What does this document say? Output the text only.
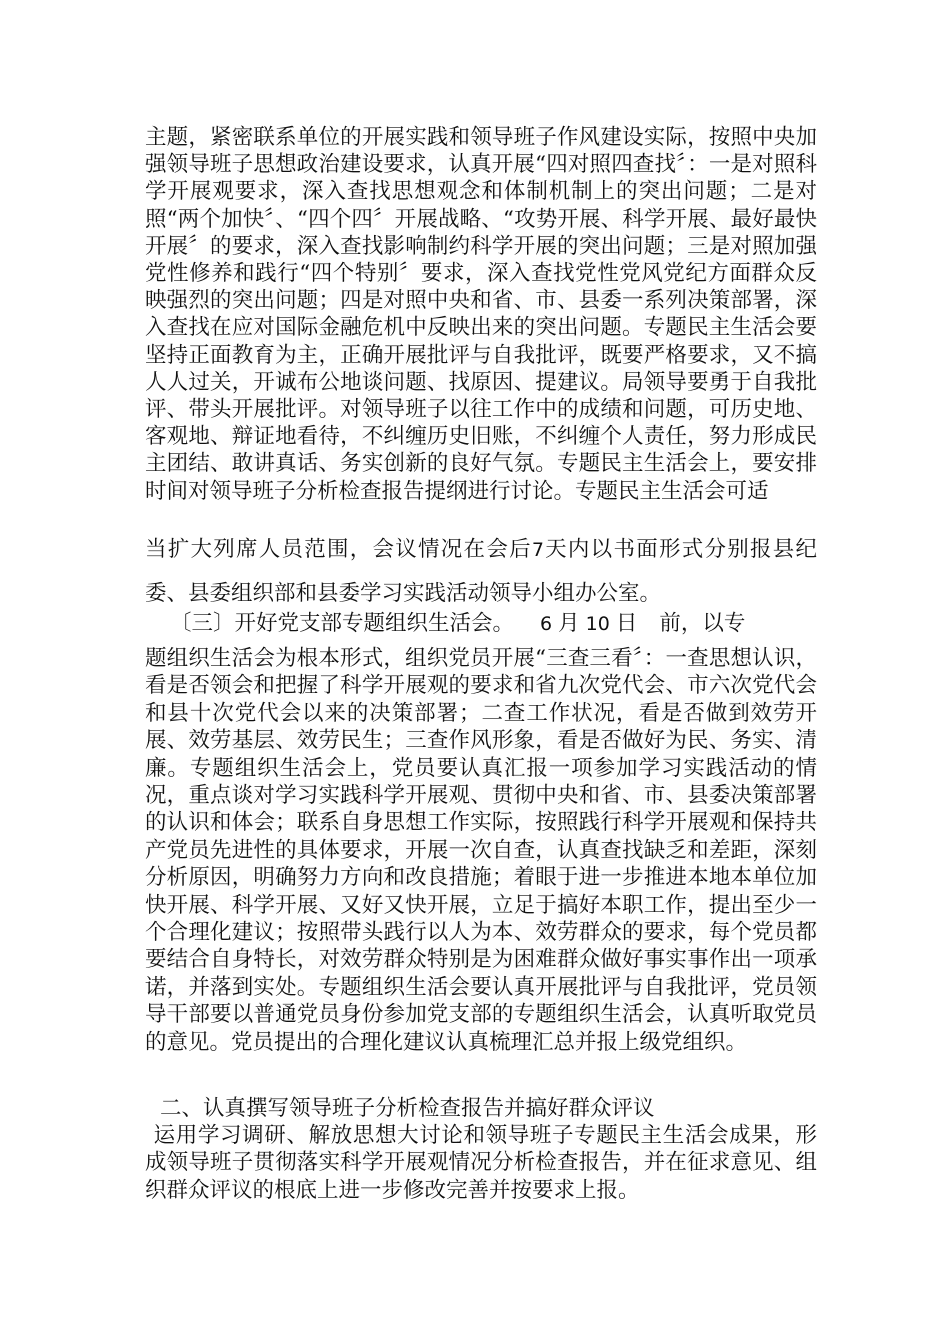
主题，紧密联系单位的开展实践和领导班子作风建设实际，按照中央加强领导班子思想政治建设要求，认真开展“四对照四查找〞：一是对照科学开展观要求，深入查找思想观念和体制机制上的突出问题；二是对照“两个加快〞、“四个四〞开展战略、“攻势开展、科学开展、最好最快开展〞的要求，深入查找影响制约科学开展的突出问题；三是对照加强党性修养和践行“四个特别〞要求，深入查找党性党风党纪方面群众反映强烈的突出问题；四是对照中央和省、市、县委一系列决策部署，深入查找在应对国际金融危机中反映出来的突出问题。专题民主生活会要坚持正面教育为主，正确开展批评与自我批评，既要严格要求，又不搞人人过关，开诚布公地谈问题、找原因、提建议。局领导要勇于自我批评、带头开展批评。对领导班子以往工作中的成绩和问题，可历史地、客观地、辩证地看待，不纠缠历史旧账，不纠缠个人责任，努力形成民主团结、敢讲真话、务实创新的良好气氛。专题民主生活会上，要安排时间对领导班子分析检查报告提纲进行讨论。专题民主生活会可适

当扩大列席人员范围，会议情况在会后7天内以书面形式分别报县纪委、县委组织部和县委学习实践活动领导小组办公室。

〔三〕开好党支部专题组织生活会。 6 月 10 日 前，以专

题组织生活会为根本形式，组织党员开展“三查三看〞：一查思想认识，看是否领会和把握了科学开展观的要求和省九次党代会、市六次党代会和县十次党代会以来的决策部署；二查工作状况，看是否做到效劳开展、效劳基层、效劳民生；三查作风形象，看是否做好为民、务实、清廉。专题组织生活会上，党员要认真汇报一项参加学习实践活动的情况，重点谈对学习实践科学开展观、贯彻中央和省、市、县委决策部署的认识和体会；联系自身思想工作实际，按照践行科学开展观和保持共产党员先进性的具体要求，开展一次自查，认真查找缺乏和差距，深刻分析原因，明确努力方向和改良措施；着眼于进一步推进本地本单位加快开展、科学开展、又好又快开展，立足于搞好本职工作，提出至少一个合理化建议；按照带头践行以人为本、效劳群众的要求，每个党员都要结合自身特长，对效劳群众特别是为困难群众做好事实事作出一项承诺，并落到实处。专题组织生活会要认真开展批评与自我批评，党员领导干部要以普通党员身份参加党支部的专题组织生活会，认真听取党员的意见。党员提出的合理化建议认真梳理汇总并报上级党组织。

二、认真撰写领导班子分析检查报告并搞好群众评议

运用学习调研、解放思想大讨论和领导班子专题民主生活会成果，形成领导班子贯彻落实科学开展观情况分析检查报告，并在征求意见、组织群众评议的根底上进一步修改完善并按要求上报。
